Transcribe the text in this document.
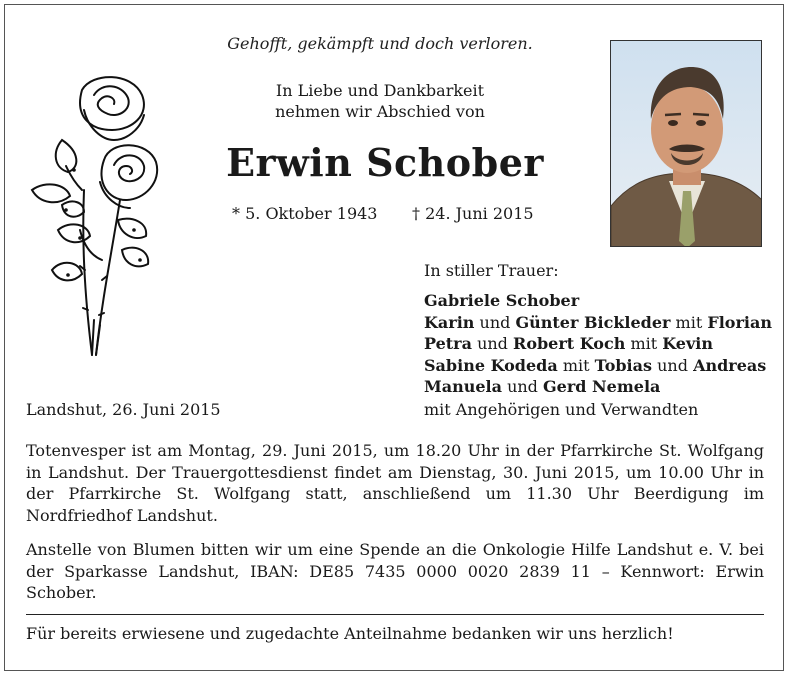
Gehofft, gekämpft und doch verloren.
In Liebe und Dankbarkeit
nehmen wir Abschied von
Erwin Schober
* 5. Oktober 1943 † 24. Juni 2015
In stiller Trauer:
Gabriele Schober
Karin und Günter Bickleder mit Florian
Petra und Robert Koch mit Kevin
Sabine Kodeda mit Tobias und Andreas
Manuela und Gerd Nemela
Landshut, 26. Juni 2015	mit Angehörigen und Verwandten
Totenvesper ist am Montag, 29. Juni 2015, um 18.20 Uhr in der Pfarrkirche St. Wolfgang in Landshut. Der Trauergottesdienst findet am Dienstag, 30. Juni 2015, um 10.00 Uhr in der Pfarrkirche St. Wolfgang statt, anschließend um 11.30 Uhr Beerdigung im Nordfriedhof Landshut.
Anstelle von Blumen bitten wir um eine Spende an die Onkologie Hilfe Landshut e. V. bei der Sparkasse Landshut, IBAN: DE85 7435 0000 0020 2839 11 – Kennwort: Erwin Schober.
Für bereits erwiesene und zugedachte Anteilnahme bedanken wir uns herzlich!
